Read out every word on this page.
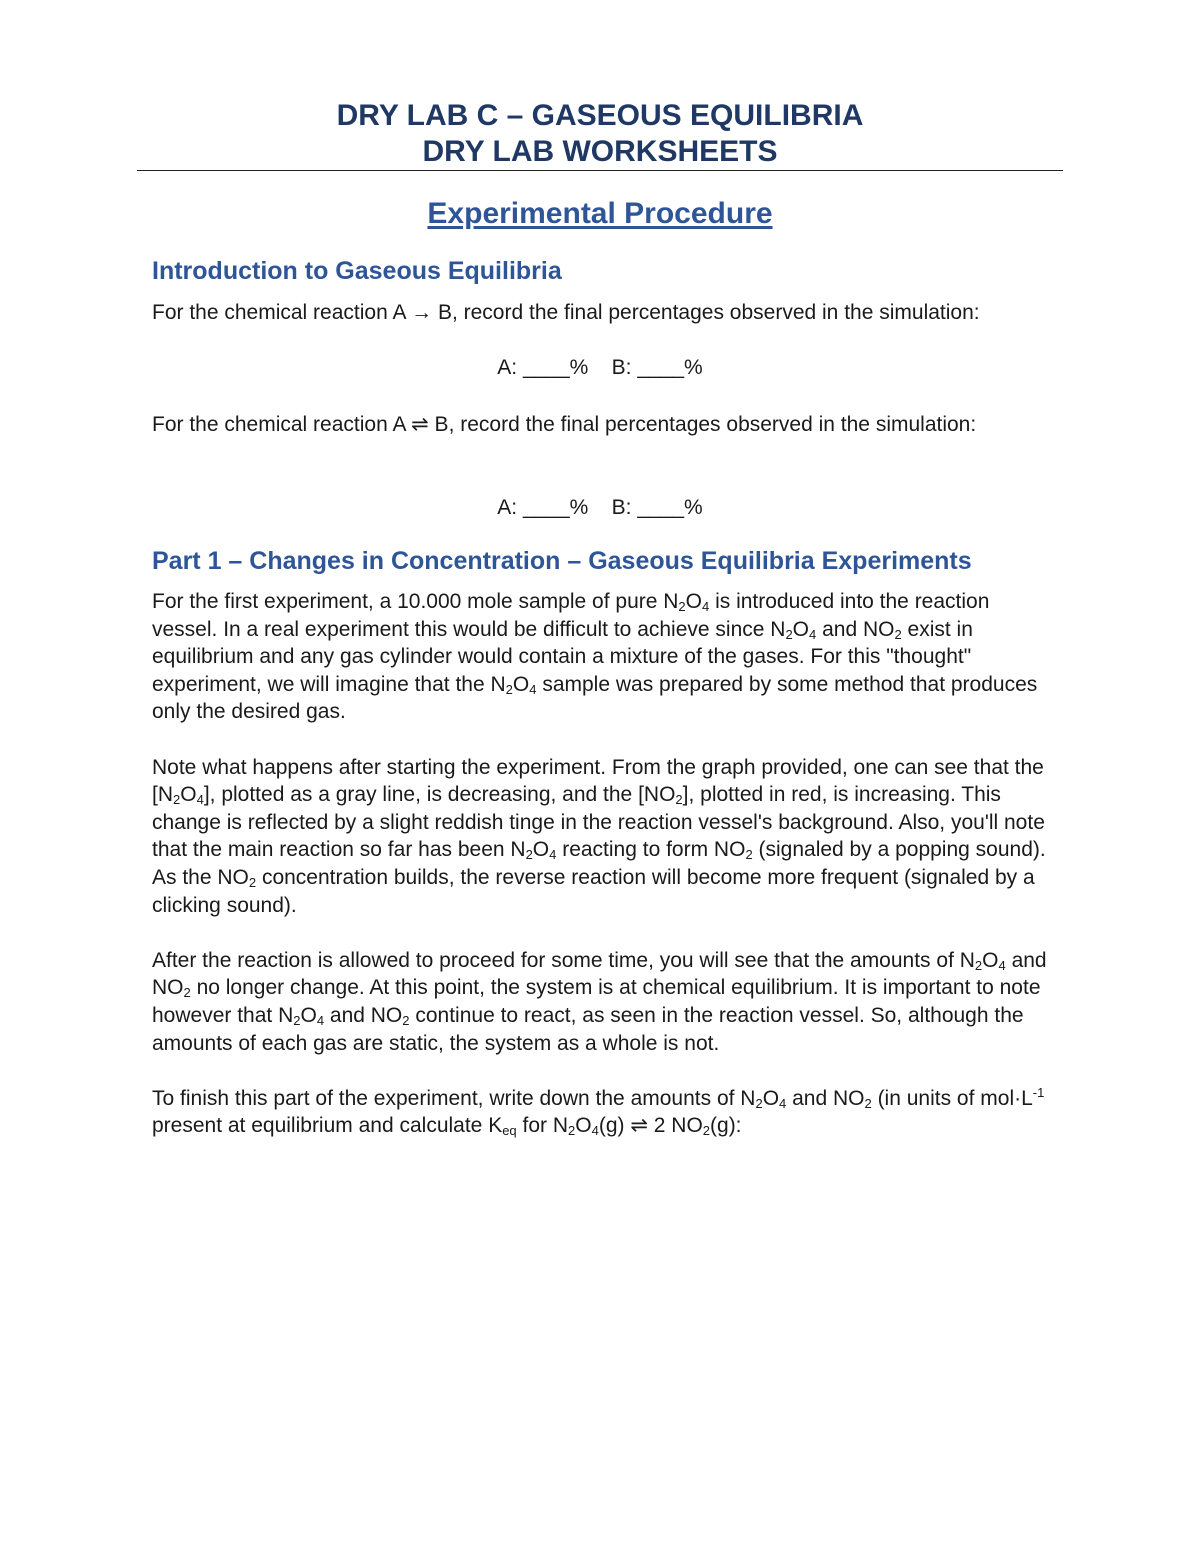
DRY LAB C – GASEOUS EQUILIBRIA
DRY LAB WORKSHEETS
Experimental Procedure
Introduction to Gaseous Equilibria
For the chemical reaction A → B, record the final percentages observed in the simulation:
A: ____%    B: ____%
For the chemical reaction A ⇌ B, record the final percentages observed in the simulation:
A: ____%    B: ____%
Part 1 – Changes in Concentration – Gaseous Equilibria Experiments

For the first experiment, a 10.000 mole sample of pure $N_2O_4$ is introduced into the reaction vessel. In a real experiment this would be difficult to achieve since $N_2O_4$ and $NO_2$ exist in equilibrium and any gas cylinder would contain a mixture of the gases. For this "thought" experiment, we will imagine that the $N_2O_4$ sample was prepared by some method that produces only the desired gas.

Note what happens after starting the experiment. From the graph provided, one can see that the $[N_2O_4]$, plotted as a gray line, is decreasing, and the $[NO_2]$, plotted in red, is increasing. This change is reflected by a slight reddish tinge in the reaction vessel's background. Also, you'll note that the main reaction so far has been $N_2O_4$ reacting to form $NO_2$ (signaled by a popping sound). As the $NO_2$ concentration builds, the reverse reaction will become more frequent (signaled by a clicking sound).

After the reaction is allowed to proceed for some time, you will see that the amounts of $N_2O_4$ and $NO_2$ no longer change. At this point, the system is at chemical equilibrium. It is important to note however that $N_2O_4$ and $NO_2$ continue to react, as seen in the reaction vessel. So, although the amounts of each gas are static, the system as a whole is not.

To finish this part of the experiment, write down the amounts of $N_2O_4$ and $NO_2$ (in units of $mol\cdot L^{-1}$ present at equilibrium and calculate $K_{eq}$ for $N_2O_4(g)$ ⇌ 2 $NO_2(g)$:
